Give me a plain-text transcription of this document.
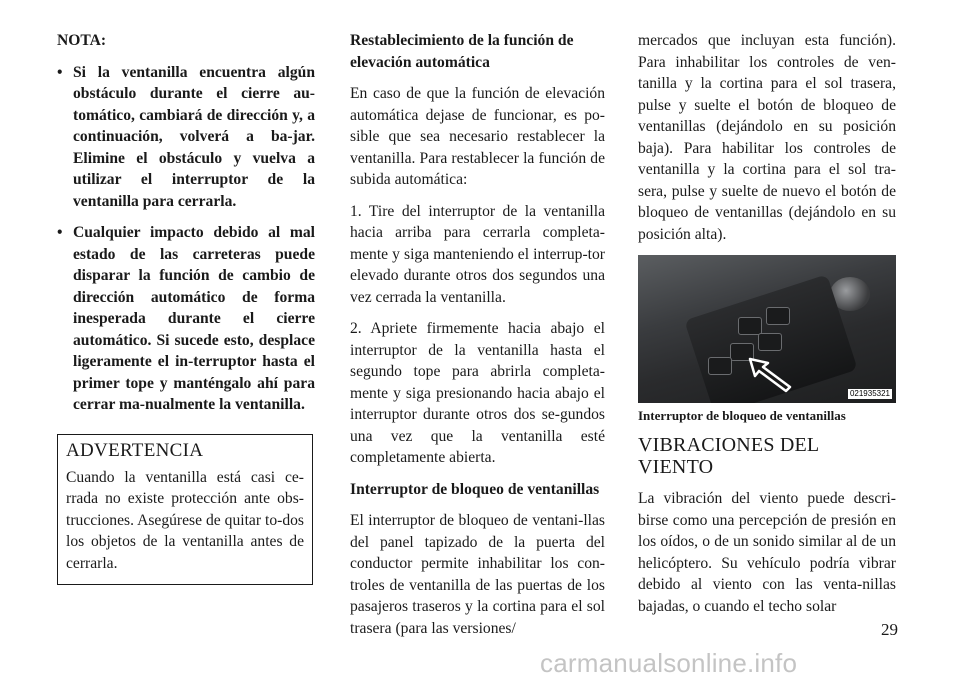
NOTA:

• Si la ventanilla encuentra algún obstáculo durante el cierre au-tomático, cambiará de dirección y, a continuación, volverá a ba-jar. Elimine el obstáculo y vuelva a utilizar el interruptor de la ventanilla para cerrarla.
• Cualquier impacto debido al mal estado de las carreteras puede disparar la función de cambio de dirección automático de forma inesperada durante el cierre automático. Si sucede esto, desplace ligeramente el in-terruptor hasta el primer tope y manténgalo ahí para cerrar ma-nualmente la ventanilla.
ADVERTENCIA
Cuando la ventanilla está casi ce-rrada no existe protección ante obs-trucciones. Asegúrese de quitar to-dos los objetos de la ventanilla antes de cerrarla.

Restablecimiento de la función de elevación automática

En caso de que la función de elevación automática dejase de funcionar, es po-sible que sea necesario restablecer la ventanilla. Para restablecer la función de subida automática:

1. Tire del interruptor de la ventanilla hacia arriba para cerrarla completa-mente y siga manteniendo el interrup-tor elevado durante otros dos segundos una vez cerrada la ventanilla.

2. Apriete firmemente hacia abajo el interruptor de la ventanilla hasta el segundo tope para abrirla completa-mente y siga presionando hacia abajo el interruptor durante otros dos se-gundos una vez que la ventanilla esté completamente abierta.

Interruptor de bloqueo de ventanillas

El interruptor de bloqueo de ventani-llas del panel tapizado de la puerta del conductor permite inhabilitar los con-troles de ventanilla de las puertas de los pasajeros traseros y la cortina para el sol trasera (para las versiones/

mercados que incluyan esta función). Para inhabilitar los controles de ven-tanilla y la cortina para el sol trasera, pulse y suelte el botón de bloqueo de ventanillas (dejándolo en su posición baja). Para habilitar los controles de ventanilla y la cortina para el sol tra-sera, pulse y suelte de nuevo el botón de bloqueo de ventanillas (dejándolo en su posición alta).

021935321

Interruptor de bloqueo de ventanillas

VIBRACIONES DEL
VIENTO

La vibración del viento puede descri-birse como una percepción de presión en los oídos, o de un sonido similar al de un helicóptero. Su vehículo podría vibrar debido al viento con las venta-nillas bajadas, o cuando el techo solar

29
carmanualsonline.info
